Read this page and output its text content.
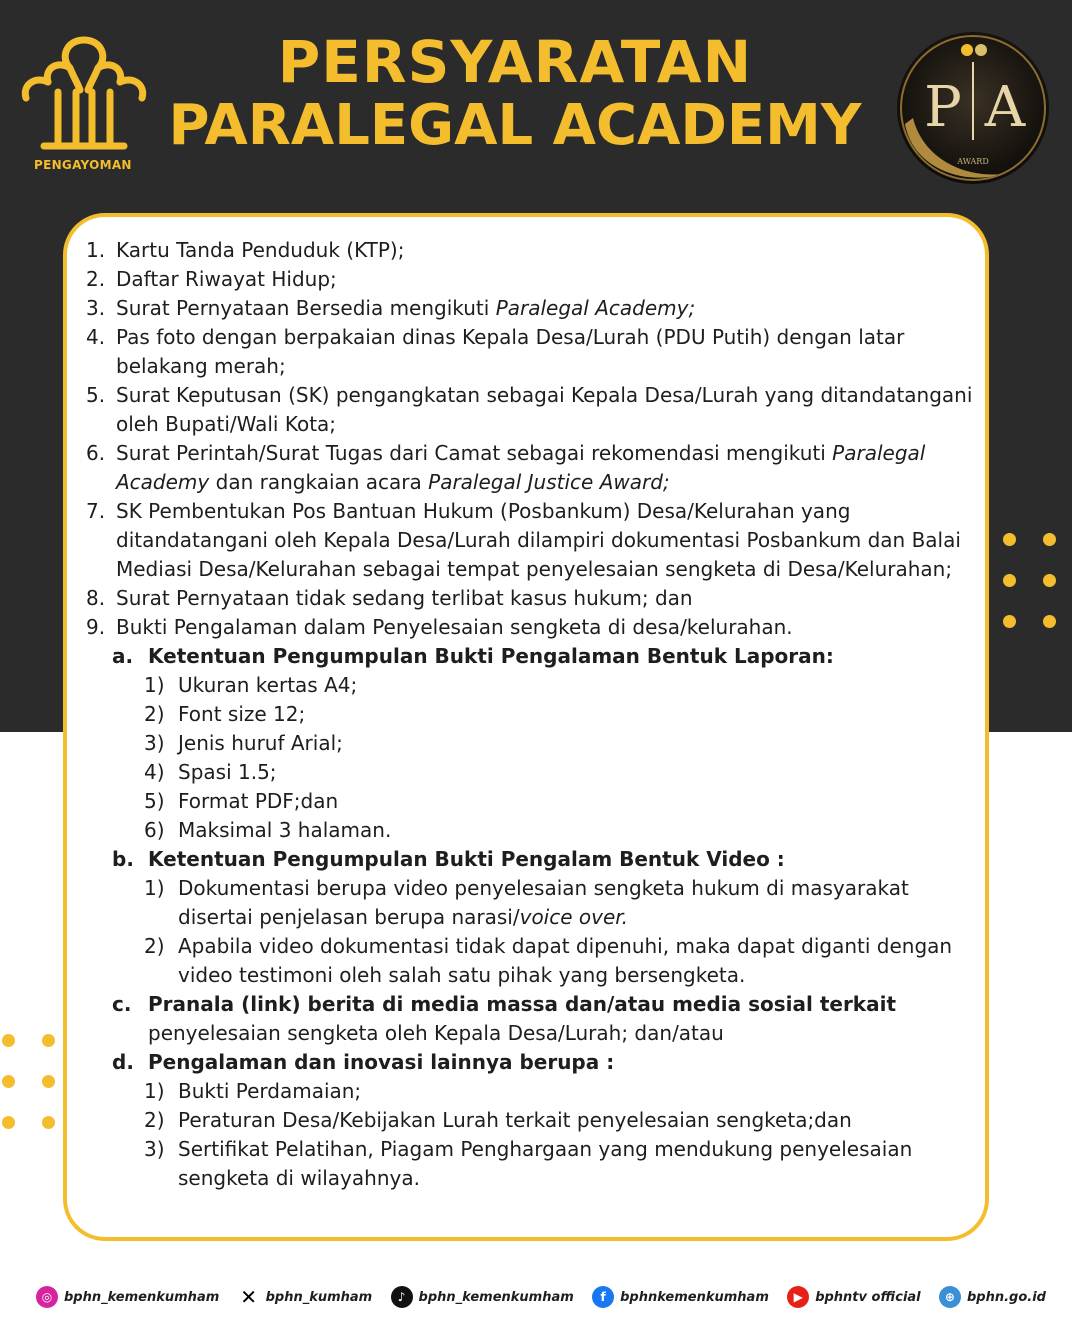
PENGAYOMAN
PERSYARATAN
PARALEGAL ACADEMY	P A
AWARD
1. Kartu Tanda Penduduk (KTP);
2. Daftar Riwayat Hidup;
3. Surat Pernyataan Bersedia mengikuti Paralegal Academy;
4. Pas foto dengan berpakaian dinas Kepala Desa/Lurah (PDU Putih) dengan latar belakang merah;
5. Surat Keputusan (SK) pengangkatan sebagai Kepala Desa/Lurah yang ditandatangani oleh Bupati/Wali Kota;
6. Surat Perintah/Surat Tugas dari Camat sebagai rekomendasi mengikuti Paralegal Academy dan rangkaian acara Paralegal Justice Award;
7. SK Pembentukan Pos Bantuan Hukum (Posbankum) Desa/Kelurahan yang ditandatangani oleh Kepala Desa/Lurah dilampiri dokumentasi Posbankum dan Balai Mediasi Desa/Kelurahan sebagai tempat penyelesaian sengketa di Desa/Kelurahan;
8. Surat Pernyataan tidak sedang terlibat kasus hukum; dan
9. Bukti Pengalaman dalam Penyelesaian sengketa di desa/kelurahan.
a. Ketentuan Pengumpulan Bukti Pengalaman Bentuk Laporan:
1) Ukuran kertas A4;
2) Font size 12;
3) Jenis huruf Arial;
4) Spasi 1.5;
5) Format PDF;dan
6) Maksimal 3 halaman.
b. Ketentuan Pengumpulan Bukti Pengalam Bentuk Video :
1) Dokumentasi berupa video penyelesaian sengketa hukum di masyarakat disertai penjelasan berupa narasi/voice over.
2) Apabila video dokumentasi tidak dapat dipenuhi, maka dapat diganti dengan video testimoni oleh salah satu pihak yang bersengketa.
c. Pranala (link) berita di media massa dan/atau media sosial terkait
penyelesaian sengketa oleh Kepala Desa/Lurah; dan/atau
d. Pengalaman dan inovasi lainnya berupa :
1) Bukti Perdamaian;
2) Peraturan Desa/Kebijakan Lurah terkait penyelesaian sengketa;dan
3) Sertifikat Pelatihan, Piagam Penghargaan yang mendukung penyelesaian sengketa di wilayahnya.
◎ bphn_kemenkumham ✕ bphn_kumham	♪	bphn_kemenkumham	f	bphnkemenkumham	▶ bphntv official	⊕ bphn.go.id
